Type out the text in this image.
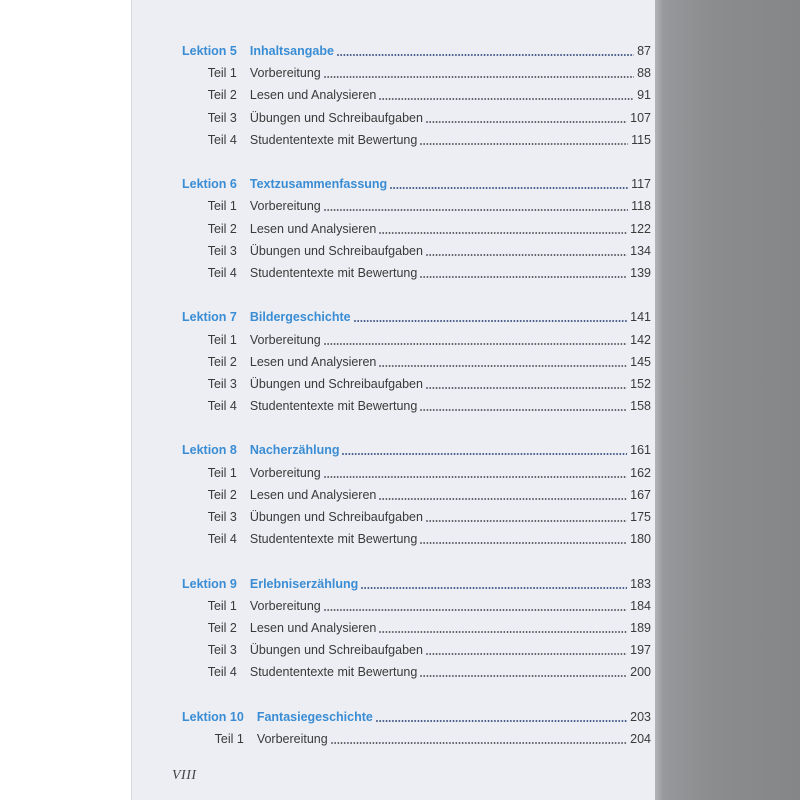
Lektion 5	Inhaltsangabe 87

Teil 1	Vorbereitung 88

Teil 2	Lesen und Analysieren 91

Teil 3	Übungen und Schreibaufgaben 107

Teil 4	Studententexte mit Bewertung 115
Lektion 6	Textzusammenfassung 117

Teil 1	Vorbereitung 118

Teil 2	Lesen und Analysieren 122

Teil 3	Übungen und Schreibaufgaben 134

Teil 4	Studententexte mit Bewertung 139
Lektion 7	Bildergeschichte 141

Teil 1	Vorbereitung 142

Teil 2	Lesen und Analysieren 145

Teil 3	Übungen und Schreibaufgaben 152

Teil 4	Studententexte mit Bewertung 158
Lektion 8	Nacherzählung 161

Teil 1	Vorbereitung 162

Teil 2	Lesen und Analysieren 167

Teil 3	Übungen und Schreibaufgaben 175

Teil 4	Studententexte mit Bewertung 180
Lektion 9	Erlebniserzählung 183

Teil 1	Vorbereitung 184

Teil 2	Lesen und Analysieren 189

Teil 3	Übungen und Schreibaufgaben 197

Teil 4	Studententexte mit Bewertung 200
Lektion 10	Fantasiegeschichte 203

Teil 1	Vorbereitung 204
VIII
